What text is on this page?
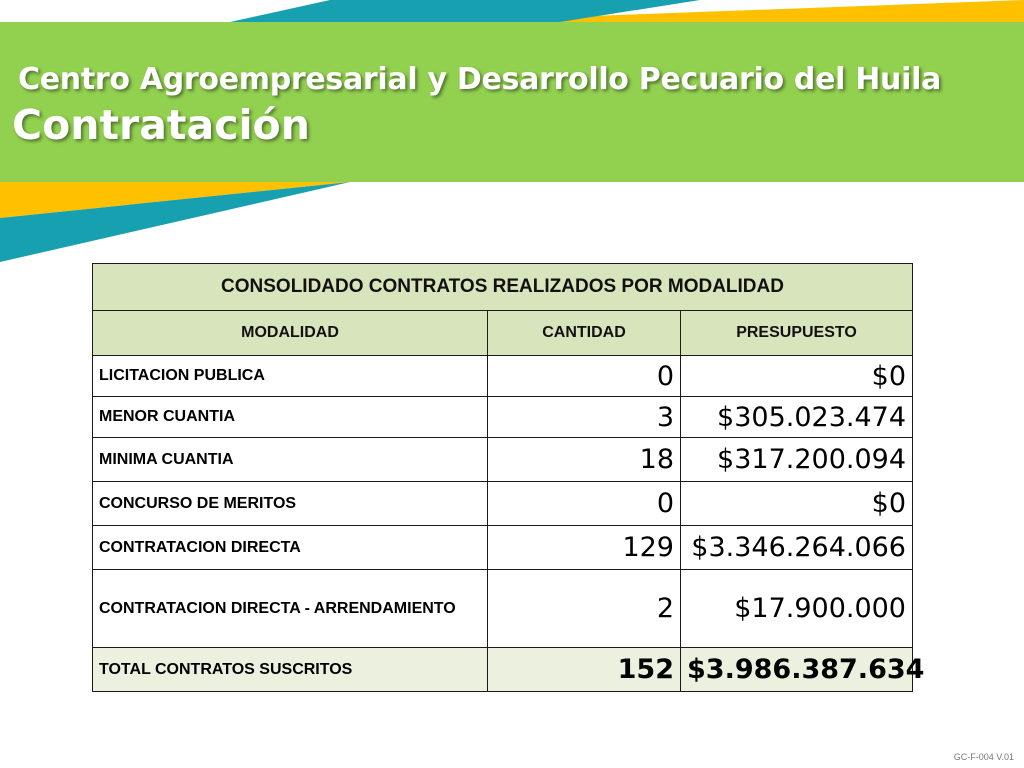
Centro Agroempresarial y Desarrollo Pecuario del Huila
Contratación
CONSOLIDADO CONTRATOS REALIZADOS POR MODALIDAD		
MODALIDAD	CANTIDAD	PRESUPUESTO
LICITACION PUBLICA	0	$0
MENOR CUANTIA	3	$305.023.474
MINIMA CUANTIA	18	$317.200.094
CONCURSO DE MERITOS	0	$0
CONTRATACION DIRECTA	129	$3.346.264.066
CONTRATACION DIRECTA - ARRENDAMIENTO	2	$17.900.000
TOTAL CONTRATOS SUSCRITOS	152	$3.986.387.634
GC-F-004 V.01
